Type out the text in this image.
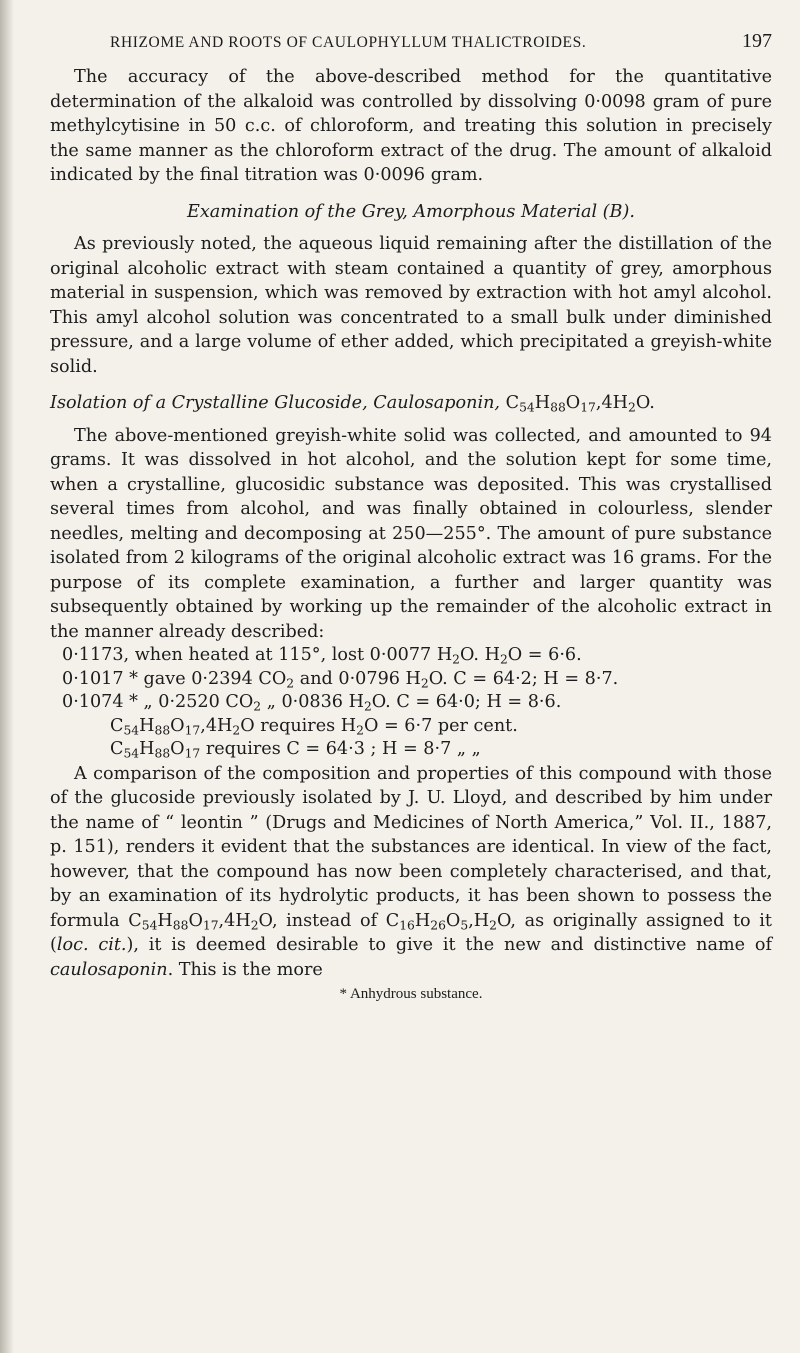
RHIZOME AND ROOTS OF CAULOPHYLLUM THALICTROIDES.	197

The accuracy of the above-described method for the quantitative determination of the alkaloid was controlled by dissolving 0·0098 gram of pure methylcytisine in 50 c.c. of chloroform, and treating this solution in precisely the same manner as the chloroform extract of the drug. The amount of alkaloid indicated by the final titration was 0·0096 gram.

Examination of the Grey, Amorphous Material (B).

As previously noted, the aqueous liquid remaining after the distillation of the original alcoholic extract with steam contained a quantity of grey, amorphous material in suspension, which was removed by extraction with hot amyl alcohol. This amyl alcohol solution was concentrated to a small bulk under diminished pressure, and a large volume of ether added, which precipitated a greyish-white solid.

Isolation of a Crystalline Glucoside, Caulosaponin, $C_{54}H_{88}O_{17},4H_2O$.

The above-mentioned greyish-white solid was collected, and amounted to 94 grams. It was dissolved in hot alcohol, and the solution kept for some time, when a crystalline, glucosidic substance was deposited. This was crystallised several times from alcohol, and was finally obtained in colourless, slender needles, melting and decomposing at 250—255°. The amount of pure substance isolated from 2 kilograms of the original alcoholic extract was 16 grams. For the purpose of its complete examination, a further and larger quantity was subsequently obtained by working up the remainder of the alcoholic extract in the manner already described:

0·1173, when heated at 115°, lost 0·0077 $H_2O$. $H_2O = 6\cdot 6$.
0·1017 * gave 0·2394 $CO_2$ and 0·0796 $H_2O$. C = 64·2; H = 8·7.
0·1074 * „ 0·2520 $CO_2$ „ 0·0836 $H_2O$. C = 64·0; H = 8·6.
$C_{54}H_{88}O_{17},4H_2O$ requires $H_2O = 6\cdot 7$ per cent.
$C_{54}H_{88}O_{17}$ requires C = 64·3 ; H = 8·7 „ „

A comparison of the composition and properties of this compound with those of the glucoside previously isolated by J. U. Lloyd, and described by him under the name of “ leontin ” (Drugs and Medicines of North America,” Vol. II., 1887, p. 151), renders it evident that the substances are identical. In view of the fact, however, that the compound has now been completely characterised, and that, by an examination of its hydrolytic products, it has been shown to possess the formula $C_{54}H_{88}O_{17},4H_2O$, instead of $C_{16}H_{26}O_5,H_2O$, as originally assigned to it (loc. cit.), it is deemed desirable to give it the new and distinctive name of caulosaponin. This is the more

* Anhydrous substance.
